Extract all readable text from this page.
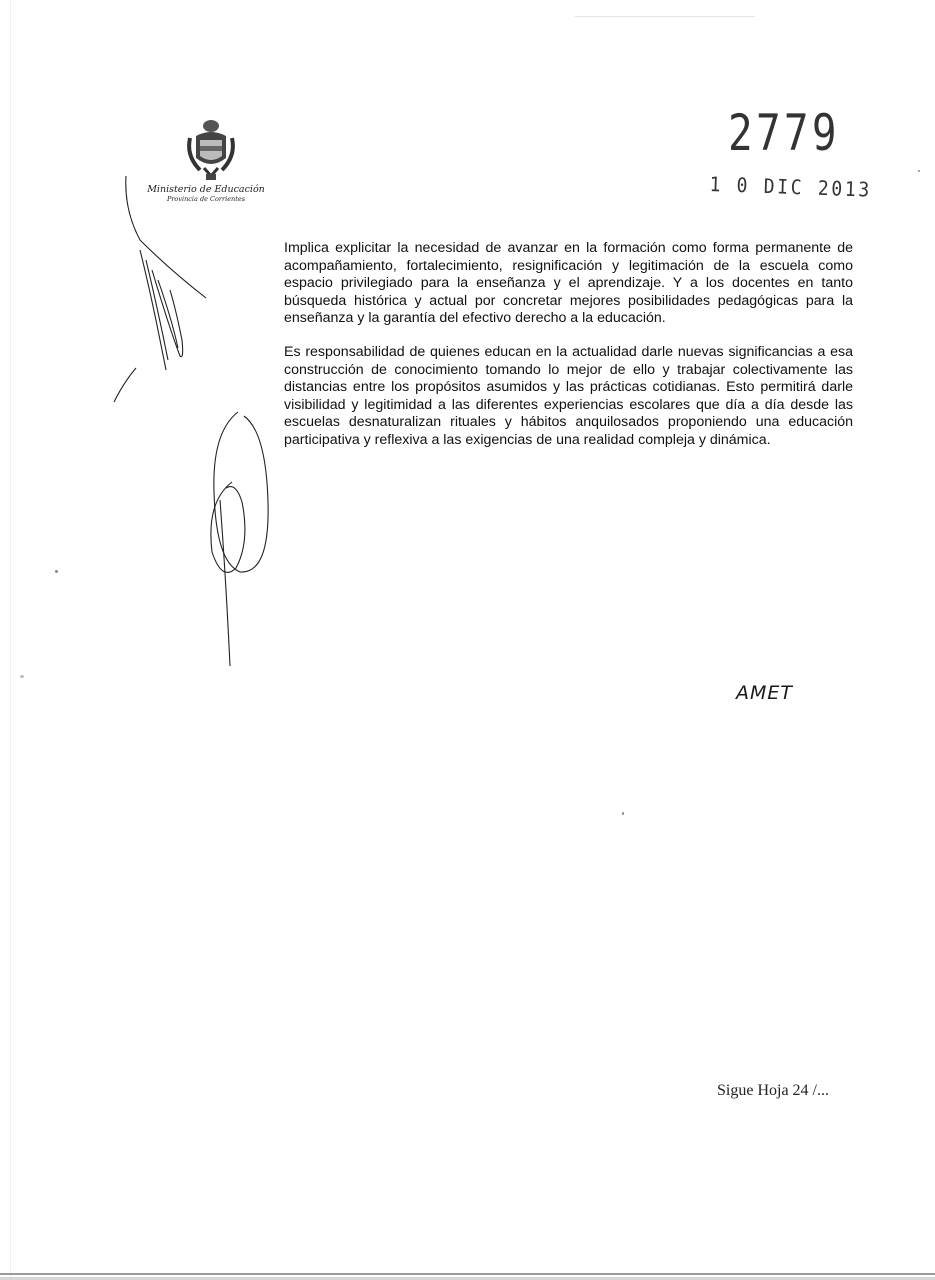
Ministerio de Educación
Provincia de Corrientes
2779
1 0 DIC 2013

Implica explicitar la necesidad de avanzar en la formación como forma permanente de acompañamiento, fortalecimiento, resignificación y legitimación de la escuela como espacio privilegiado para la enseñanza y el aprendizaje. Y a los docentes en tanto búsqueda histórica y actual por concretar mejores posibilidades pedagógicas para la enseñanza y la garantía del efectivo derecho a la educación.

Es responsabilidad de quienes educan en la actualidad darle nuevas significancias a esa construcción de conocimiento tomando lo mejor de ello y trabajar colectivamente las distancias entre los propósitos asumidos y las prácticas cotidianas. Esto permitirá darle visibilidad y legitimidad a las diferentes experiencias escolares que día a día desde las escuelas desnaturalizan rituales y hábitos anquilosados proponiendo una educación participativa y reflexiva a las exigencias de una realidad compleja y dinámica.

AMET
Sigue Hoja 24 /...
